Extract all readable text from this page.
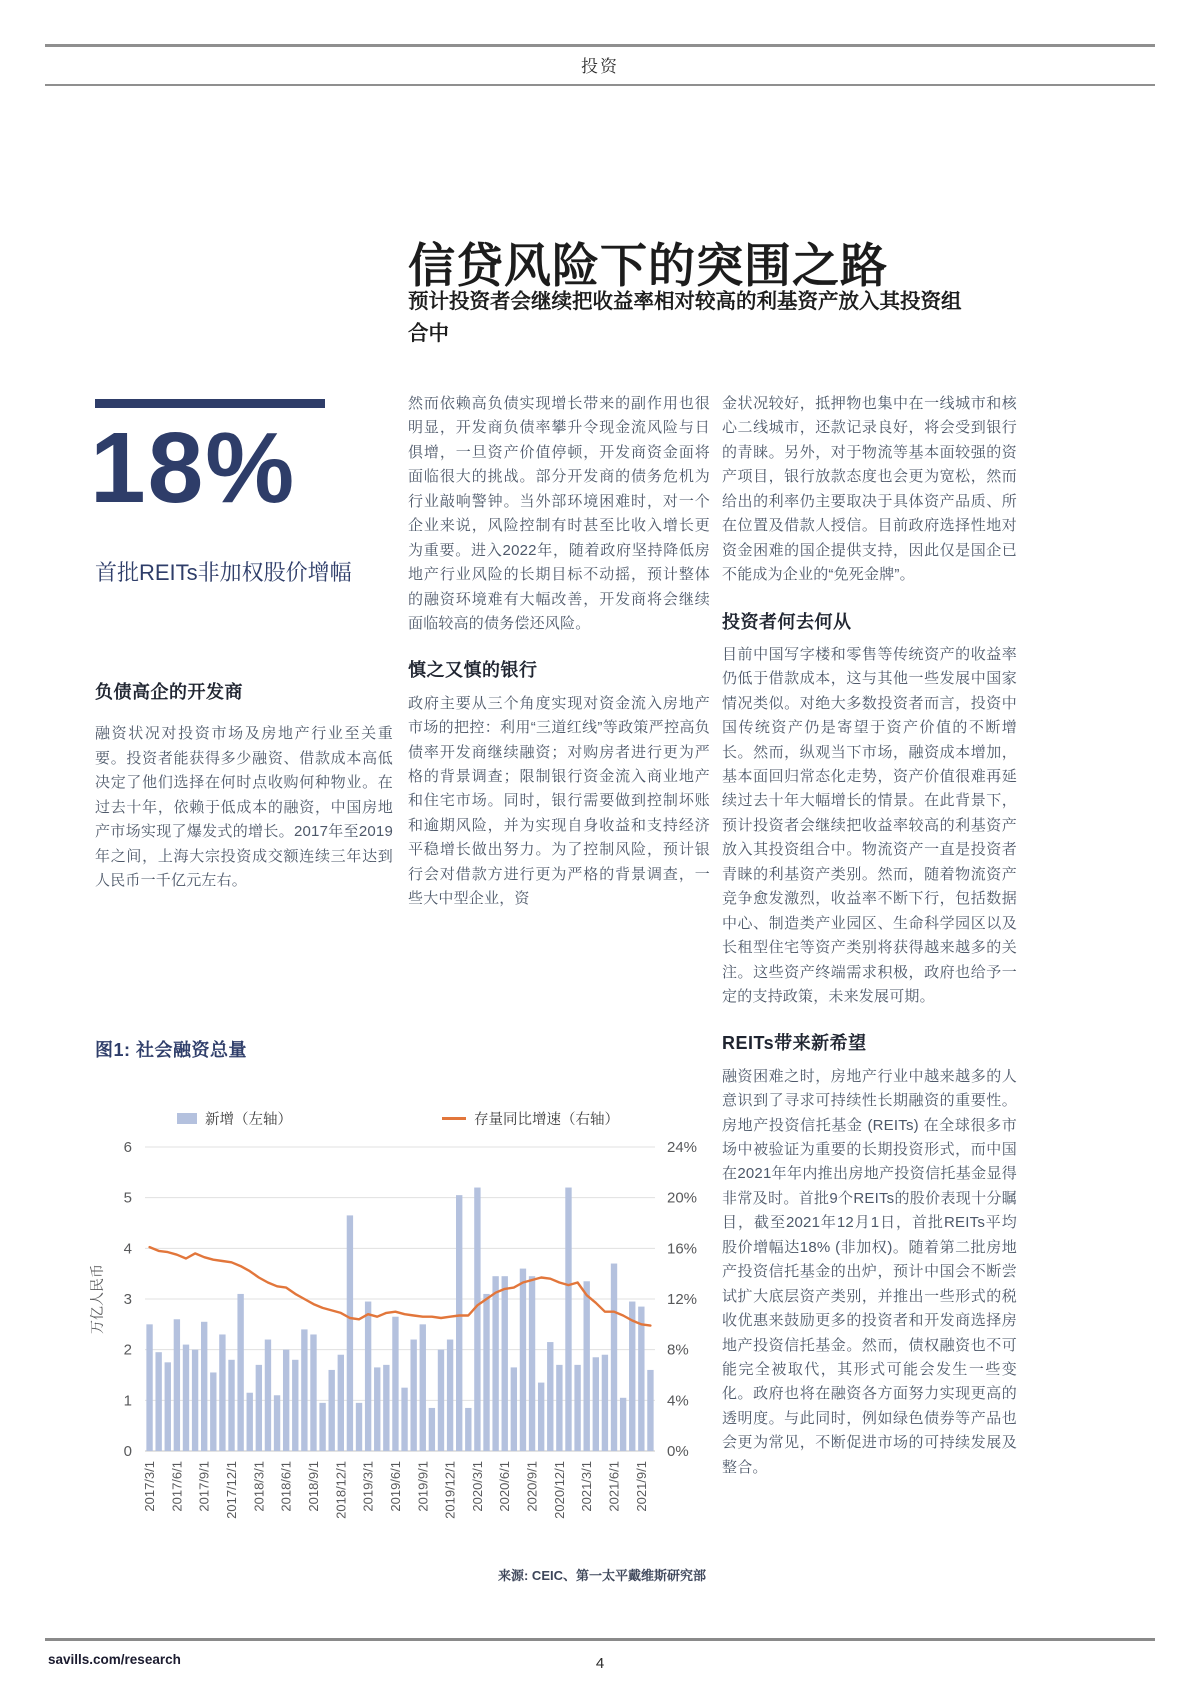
投资
信贷风险下的突围之路
预计投资者会继续把收益率相对较高的利基资产放入其投资组合中
18%
首批REITs非加权股价增幅
负债高企的开发商

融资状况对投资市场及房地产行业至关重要。投资者能获得多少融资、借款成本高低决定了他们选择在何时点收购何种物业。在过去十年，依赖于低成本的融资，中国房地产市场实现了爆发式的增长。2017年至2019年之间，上海大宗投资成交额连续三年达到人民币一千亿元左右。

然而依赖高负债实现增长带来的副作用也很明显，开发商负债率攀升令现金流风险与日俱增，一旦资产价值停顿，开发商资金面将面临很大的挑战。部分开发商的债务危机为行业敲响警钟。当外部环境困难时，对一个企业来说，风险控制有时甚至比收入增长更为重要。进入2022年，随着政府坚持降低房地产行业风险的长期目标不动摇，预计整体的融资环境难有大幅改善，开发商将会继续面临较高的债务偿还风险。

慎之又慎的银行

政府主要从三个角度实现对资金流入房地产市场的把控：利用“三道红线”等政策严控高负债率开发商继续融资；对购房者进行更为严格的背景调查；限制银行资金流入商业地产和住宅市场。同时，银行需要做到控制坏账和逾期风险，并为实现自身收益和支持经济平稳增长做出努力。为了控制风险，预计银行会对借款方进行更为严格的背景调查，一些大中型企业，资

金状况较好，抵押物也集中在一线城市和核心二线城市，还款记录良好，将会受到银行的青睐。另外，对于物流等基本面较强的资产项目，银行放款态度也会更为宽松，然而给出的利率仍主要取决于具体资产品质、所在位置及借款人授信。目前政府选择性地对资金困难的国企提供支持，因此仅是国企已不能成为企业的“免死金牌”。

投资者何去何从

目前中国写字楼和零售等传统资产的收益率仍低于借款成本，这与其他一些发展中国家情况类似。对绝大多数投资者而言，投资中国传统资产仍是寄望于资产价值的不断增长。然而，纵观当下市场，融资成本增加，基本面回归常态化走势，资产价值很难再延续过去十年大幅增长的情景。在此背景下，预计投资者会继续把收益率较高的利基资产放入其投资组合中。物流资产一直是投资者青睐的利基资产类别。然而，随着物流资产竞争愈发激烈，收益率不断下行，包括数据中心、制造类产业园区、生命科学园区以及长租型住宅等资产类别将获得越来越多的关注。这些资产终端需求积极，政府也给予一定的支持政策，未来发展可期。

REITs带来新希望

融资困难之时，房地产行业中越来越多的人意识到了寻求可持续性长期融资的重要性。房地产投资信托基金 (REITs) 在全球很多市场中被验证为重要的长期投资形式，而中国在2021年年内推出房地产投资信托基金显得非常及时。首批9个REITs的股价表现十分瞩目，截至2021年12月1日，首批REITs平均股价增幅达18% (非加权)。随着第二批房地产投资信托基金的出炉，预计中国会不断尝试扩大底层资产类别，并推出一些形式的税收优惠来鼓励更多的投资者和开发商选择房地产投资信托基金。然而，债权融资也不可能完全被取代，其形式可能会发生一些变化。政府也将在融资各方面努力实现更高的透明度。与此同时，例如绿色债券等产品也会更为常见，不断促进市场的可持续发展及整合。

图1: 社会融资总量
新增（左轴）	存量同比增速（右轴）
0
1
2
3
4
5
6
0%
4%
8%
12%
16%
20%
24%
万亿人民币
2017/3/1 2017/6/1 2017/9/1 2017/12/1 2018/3/1 2018/6/1 2018/9/1 2018/12/1 2019/3/1 2019/6/1 2019/9/1 2019/12/1 2020/3/1 2020/6/1 2020/9/1 2020/12/1 2021/3/1 2021/6/1 2021/9/1
来源: CEIC、第一太平戴维斯研究部
savills.com/research	4
